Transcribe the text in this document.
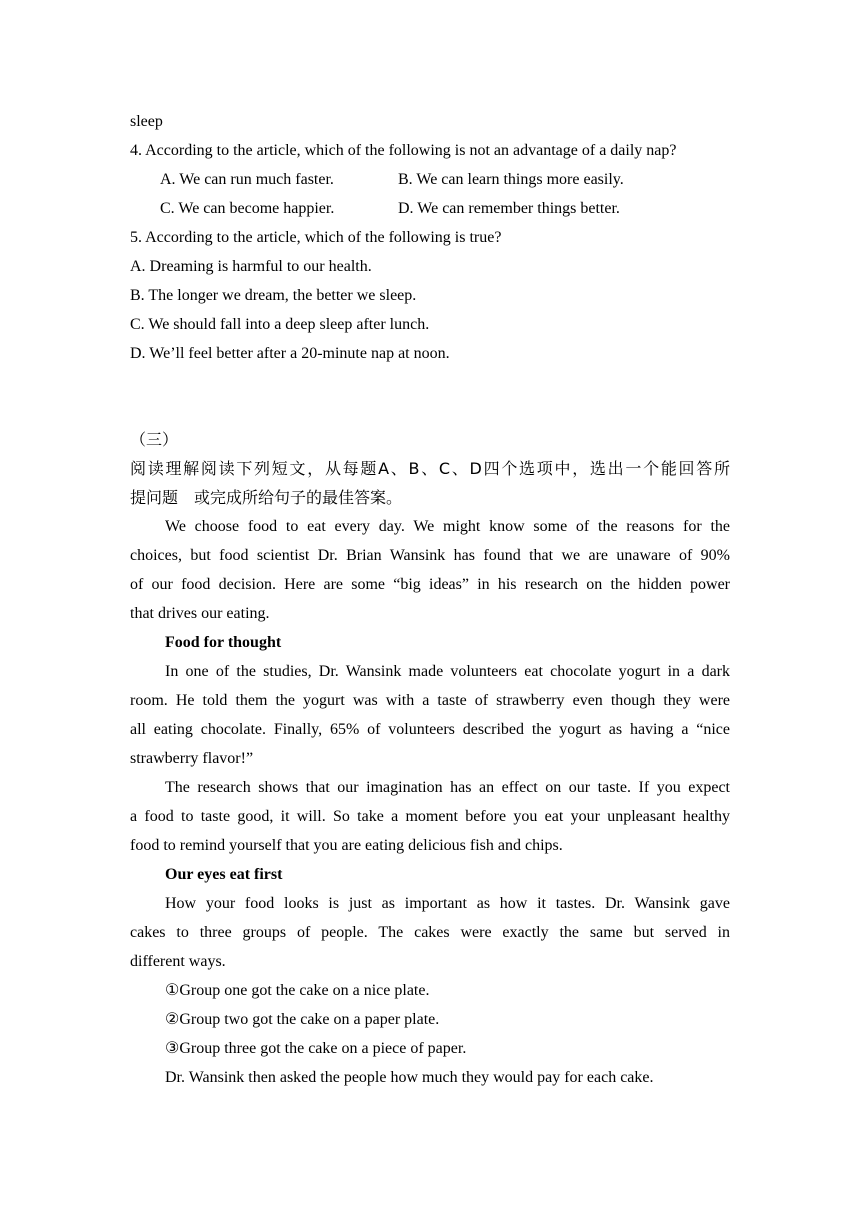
sleep
4. According to the article, which of the following is not an advantage of a daily nap?
A. We can run much faster.	B. We can learn things more easily.
C. We can become happier.	D. We can remember things better.
5. According to the article, which of the following is true?
A. Dreaming is harmful to our health.
B. The longer we dream, the better we sleep.
C. We should fall into a deep sleep after lunch.
D. We’ll feel better after a 20-minute nap at noon.
（三）
阅读理解阅读下列短文，从每题A、B、C、D四个选项中，选出一个能回答所
提问题　或完成所给句子的最佳答案。
We choose food to eat every day. We might know some of the reasons for the
choices, but food scientist Dr. Brian Wansink has found that we are unaware of 90%
of our food decision. Here are some “big ideas” in his research on the hidden power
that drives our eating.
Food for thought
In one of the studies, Dr. Wansink made volunteers eat chocolate yogurt in a dark
room. He told them the yogurt was with a taste of strawberry even though they were
all eating chocolate. Finally, 65% of volunteers described the yogurt as having a “nice
strawberry flavor!”
The research shows that our imagination has an effect on our taste. If you expect
a food to taste good, it will. So take a moment before you eat your unpleasant healthy
food to remind yourself that you are eating delicious fish and chips.
Our eyes eat first
How your food looks is just as important as how it tastes. Dr. Wansink gave
cakes to three groups of people. The cakes were exactly the same but served in
different ways.
①Group one got the cake on a nice plate.
②Group two got the cake on a paper plate.
③Group three got the cake on a piece of paper.
Dr. Wansink then asked the people how much they would pay for each cake.
